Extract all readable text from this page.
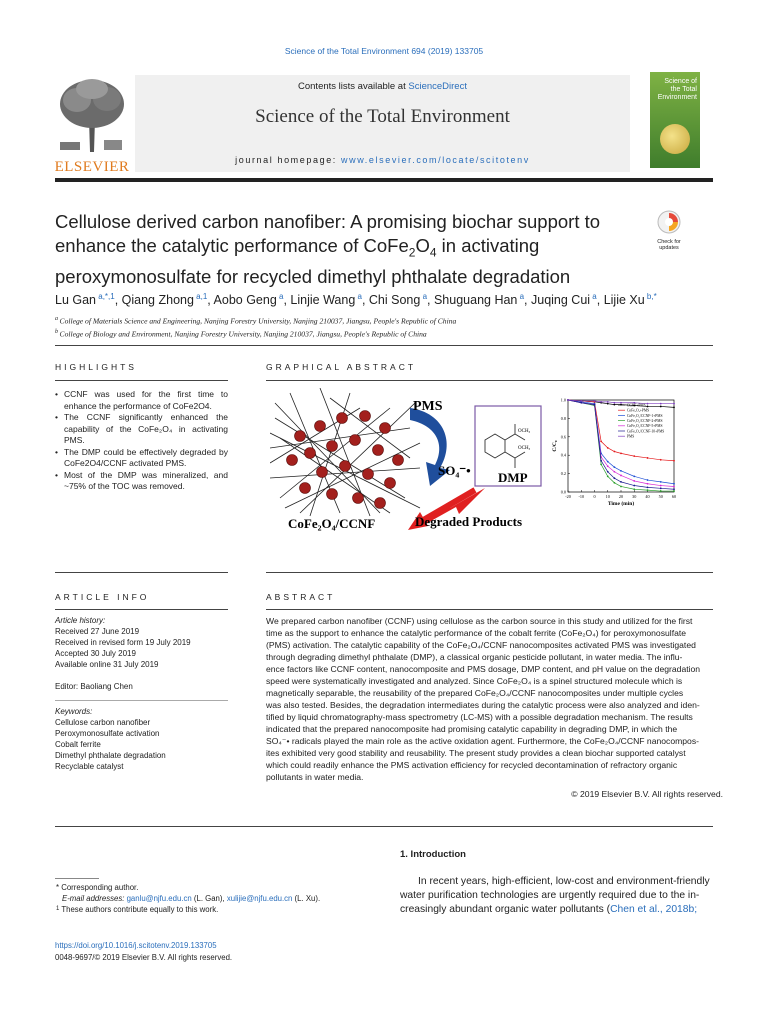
Science of the Total Environment 694 (2019) 133705
ELSEVIER
Contents lists available at ScienceDirect
Science of the Total Environment
journal homepage: www.elsevier.com/locate/scitotenv
Science of the Total Environment
Cellulose derived carbon nanofiber: A promising biochar support to
enhance the catalytic performance of $CoFe_2O_4$ in activating
peroxymonosulfate for recycled dimethyl phthalate degradation
Check for updates
Lu Gan $^{a,*,1}$, Qiang Zhong $^{a,1}$, Aobo Geng $^a$, Linjie Wang $^a$, Chi Song $^a$, Shuguang Han $^a$, Juqing Cui $^a$, Lijie Xu $^{b,*}$
$^a$ College of Materials Science and Engineering, Nanjing Forestry University, Nanjing 210037, Jiangsu, People's Republic of China
$^b$ College of Biology and Environment, Nanjing Forestry University, Nanjing 210037, Jiangsu, People's Republic of China
HIGHLIGHTS
• CCNF was used for the first time to enhance the performance of CoFe2O4.
• The CCNF significantly enhanced the capability of the CoFe₂O₄ in activating PMS.
• The DMP could be effectively degraded by CoFe2O4/CCNF activated PMS.
• Most of the DMP was mineralized, and ~75% of the TOC was removed.
GRAPHICAL ABSTRACT
OCH₃
OCH₃
PMS
SO₄⁻• DMP
CoFe₂O₄/CCNF	Degraded Products
0.0
0.2
0.4
0.6
0.8
1.0
-20 -10 0 10 20 30 40 50 60
C/C₀
Time (min)
CCNF+PMS
CoFe₂O₄+PMS
CoFe₂O₄/CCNF-1+PMS
CoFe₂O₄/CCNF-2+PMS
CoFe₂O₄/CCNF-5+PMS
CoFe₂O₄/CCNF-10+PMS
PMS
ARTICLE INFO
Article history:
Received 27 June 2019
Received in revised form 19 July 2019
Accepted 30 July 2019
Available online 31 July 2019
Editor: Baoliang Chen
Keywords:
Cellulose carbon nanofiber
Peroxymonosulfate activation
Cobalt ferrite
Dimethyl phthalate degradation
Recyclable catalyst
ABSTRACT
We prepared carbon nanofiber (CCNF) using cellulose as the carbon source in this study and utilized for the first
time as the support to enhance the catalytic performance of the cobalt ferrite (CoFe₂O₄) for peroxymonosulfate
(PMS) activation. The catalytic capability of the CoFe₂O₄/CCNF nanocomposites activated PMS was investigated
through degrading dimethyl phthalate (DMP), a classical organic pesticide pollutant, in water media. The influ-
ence factors like CCNF content, nanocomposite and PMS dosage, DMP content, and pH value on the degradation
speed were systematically investigated and analyzed. Since CoFe₂O₄ is a spinel structured molecule which is
magnetically separable, the reusability of the prepared CoFe₂O₄/CCNF nanocomposites under multiple cycles
was also tested. Besides, the degradation intermediates during the catalytic process were also analyzed and iden-
tified by liquid chromatography-mass spectrometry (LC-MS) with a possible degradation mechanism. The results
indicated that the prepared nanocomposite had promising catalytic capability in degrading DMP, in which the
SO₄⁻• radicals played the main role as the active oxidation agent. Furthermore, the CoFe₂O₄/CCNF nanocompos-
ites exhibited very good stability and reusability. The present study provides a clean biochar supported catalyst
which could readily enhance the PMS activation efficiency for recycled decontamination of refractory organic
pollutants in water media.
© 2019 Elsevier B.V. All rights reserved.
1. Introduction
In recent years, high-efficient, low-cost and environment-friendly
water purification technologies are urgently required due to the in-
creasingly abundant organic water pollutants (Chen et al., 2018b;
* Corresponding author.
E-mail addresses: ganlu@njfu.edu.cn (L. Gan), xulijie@njfu.edu.cn (L. Xu).
$^1$ These authors contribute equally to this work.
https://doi.org/10.1016/j.scitotenv.2019.133705
0048-9697/© 2019 Elsevier B.V. All rights reserved.
